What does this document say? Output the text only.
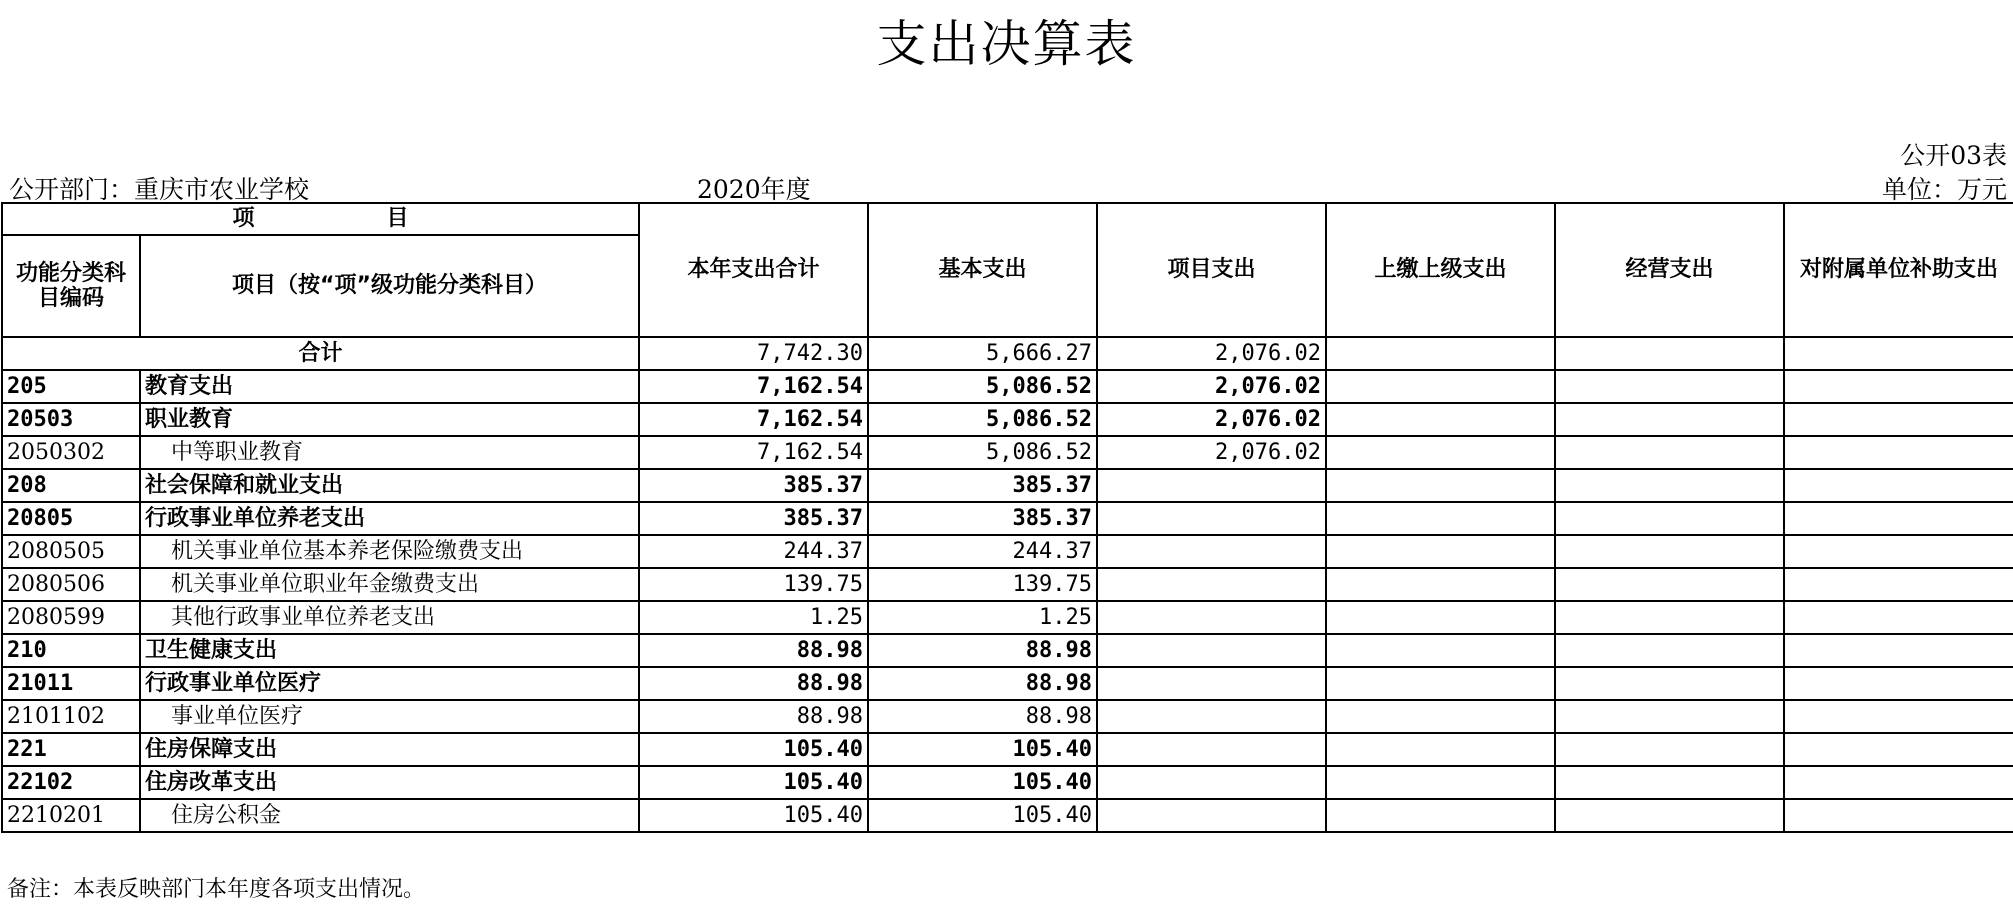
支出决算表
公开03表
公开部门：重庆市农业学校	2020年度	单位：万元
项　　　　　　目		本年支出合计	基本支出	项目支出	上缴上级支出	经营支出	对附属单位补助支出
功能分类科目编码	项目（按“项”级功能分类科目）						
合计		7,742.30	5,666.27	2,076.02			
205	教育支出	7,162.54	5,086.52	2,076.02			
20503	职业教育	7,162.54	5,086.52	2,076.02			
2050302	中等职业教育	7,162.54	5,086.52	2,076.02			
208	社会保障和就业支出	385.37	385.37				
20805	行政事业单位养老支出	385.37	385.37				
2080505	机关事业单位基本养老保险缴费支出	244.37	244.37				
2080506	机关事业单位职业年金缴费支出	139.75	139.75				
2080599	其他行政事业单位养老支出	1.25	1.25				
210	卫生健康支出	88.98	88.98				
21011	行政事业单位医疗	88.98	88.98				
2101102	事业单位医疗	88.98	88.98				
221	住房保障支出	105.40	105.40				
22102	住房改革支出	105.40	105.40				
2210201	住房公积金	105.40	105.40				
备注：本表反映部门本年度各项支出情况。
